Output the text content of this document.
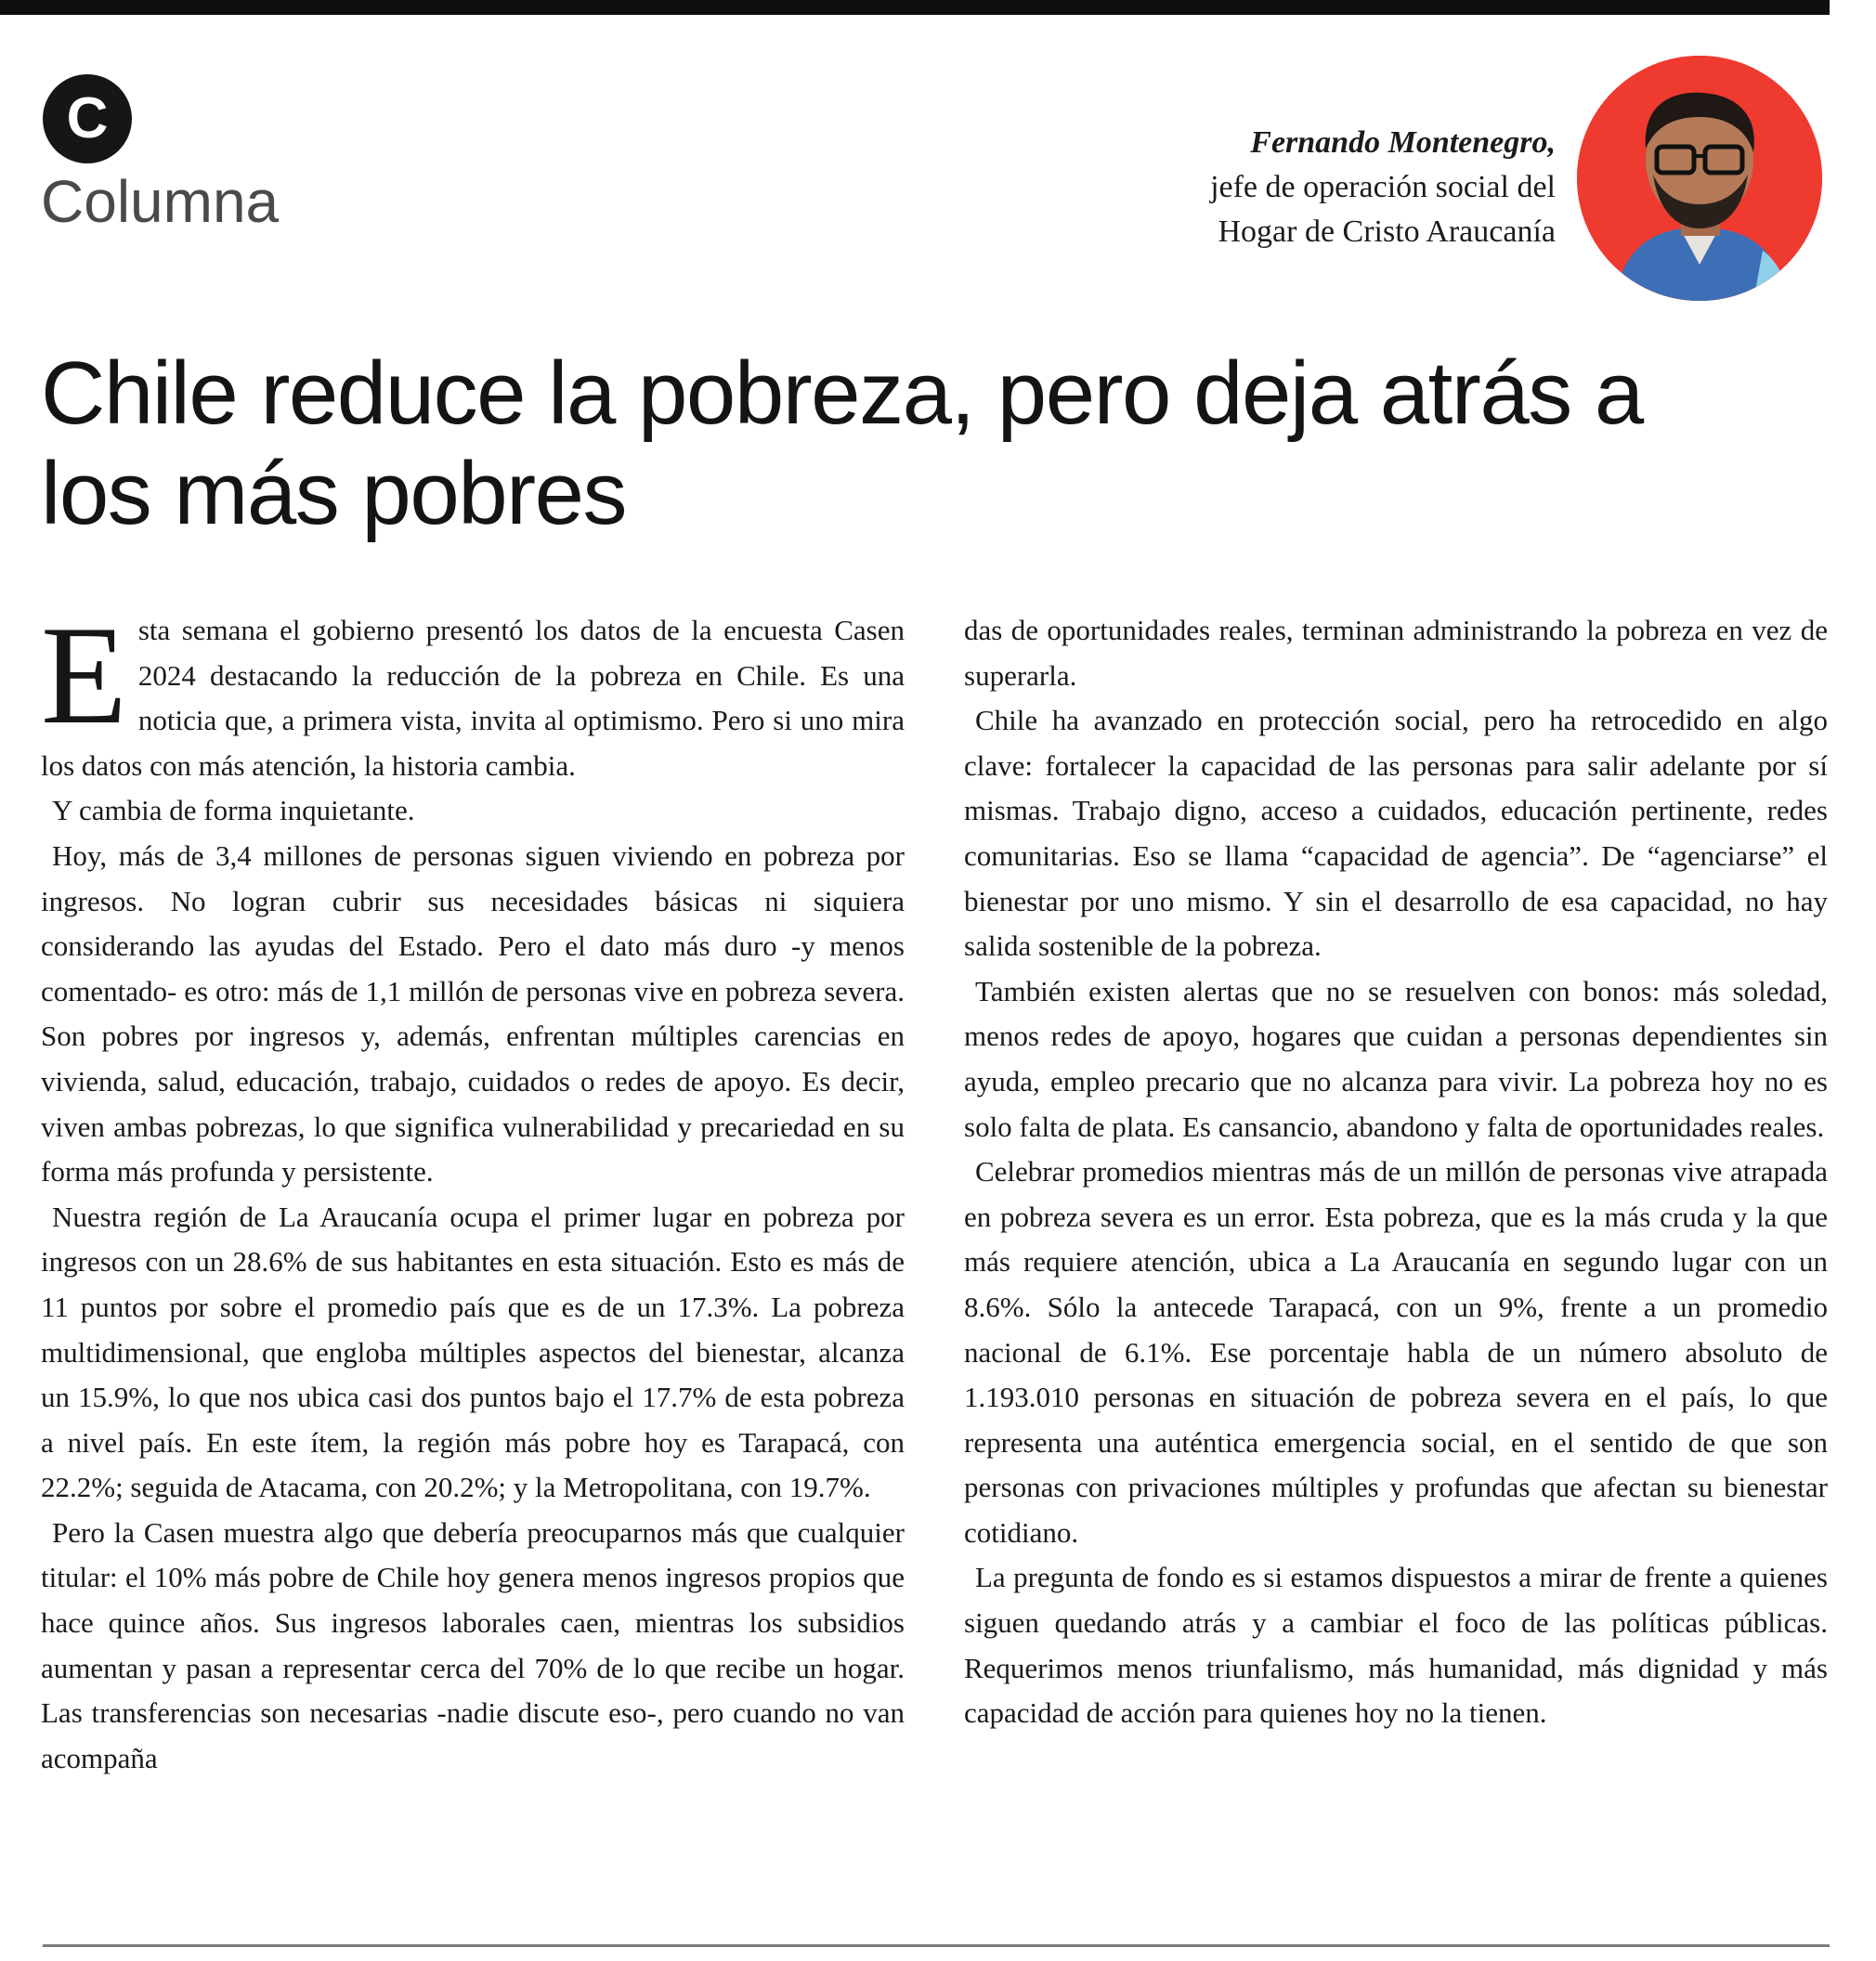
C
Columna
Fernando Montenegro,
jefe de operación social del
Hogar de Cristo Araucanía
Chile reduce la pobreza, pero deja atrás a los más pobres

Esta semana el gobierno presentó los datos de la encuesta Casen 2024 destacando la reducción de la pobreza en Chile. Es una noticia que, a primera vista, invita al optimismo. Pero si uno mira los datos con más atención, la historia cambia.

Y cambia de forma inquietante.

Hoy, más de 3,4 millones de personas siguen viviendo en pobreza por ingresos. No logran cubrir sus necesidades básicas ni siquiera considerando las ayudas del Estado. Pero el dato más duro -y menos comentado- es otro: más de 1,1 millón de personas vive en pobreza severa. Son pobres por ingresos y, además, enfrentan múltiples carencias en vivienda, salud, educación, trabajo, cuidados o redes de apoyo. Es decir, viven ambas pobrezas, lo que significa vulnerabilidad y precariedad en su forma más profunda y persistente.

Nuestra región de La Araucanía ocupa el primer lugar en pobreza por ingresos con un 28.6% de sus habitantes en esta situación. Esto es más de 11 puntos por sobre el promedio país que es de un 17.3%. La pobreza multidimensional, que engloba múltiples aspectos del bienestar, alcanza un 15.9%, lo que nos ubica casi dos puntos bajo el 17.7% de esta pobreza a nivel país. En este ítem, la región más pobre hoy es Tarapacá, con 22.2%; seguida de Atacama, con 20.2%; y la Metropolitana, con 19.7%.

Pero la Casen muestra algo que debería preocuparnos más que cualquier titular: el 10% más pobre de Chile hoy genera menos ingresos propios que hace quince años. Sus ingresos laborales caen, mientras los subsidios aumentan y pasan a representar cerca del 70% de lo que recibe un hogar. Las transferencias son necesarias -nadie discute eso-, pero cuando no van acompaña

das de oportunidades reales, terminan administrando la pobreza en vez de superarla.

Chile ha avanzado en protección social, pero ha retrocedido en algo clave: fortalecer la capacidad de las personas para salir adelante por sí mismas. Trabajo digno, acceso a cuidados, educación pertinente, redes comunitarias. Eso se llama “capacidad de agencia”. De “agenciarse” el bienestar por uno mismo. Y sin el desarrollo de esa capacidad, no hay salida sostenible de la pobreza.

También existen alertas que no se resuelven con bonos: más soledad, menos redes de apoyo, hogares que cuidan a personas dependientes sin ayuda, empleo precario que no alcanza para vivir. La pobreza hoy no es solo falta de plata. Es cansancio, abandono y falta de oportunidades reales.

Celebrar promedios mientras más de un millón de personas vive atrapada en pobreza severa es un error. Esta pobreza, que es la más cruda y la que más requiere atención, ubica a La Araucanía en segundo lugar con un 8.6%. Sólo la antecede Tarapacá, con un 9%, frente a un promedio nacional de 6.1%. Ese porcentaje habla de un número absoluto de 1.193.010 personas en situación de pobreza severa en el país, lo que representa una auténtica emergencia social, en el sentido de que son personas con privaciones múltiples y profundas que afectan su bienestar cotidiano.

La pregunta de fondo es si estamos dispuestos a mirar de frente a quienes siguen quedando atrás y a cambiar el foco de las políticas públicas. Requerimos menos triunfalismo, más humanidad, más dignidad y más capacidad de acción para quienes hoy no la tienen.
